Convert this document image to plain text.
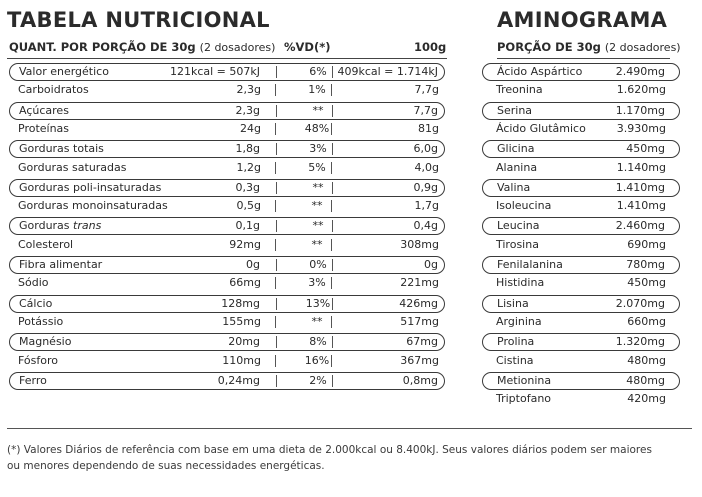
TABELA NUTRICIONAL	AMINOGRAMA
QUANT. POR PORÇÃO DE 30g (2 dosadores) %VD(*)	100g	PORÇÃO DE 30g (2 dosadores)
Valor energético	121kcal = 507kJ	6% 409kcal = 1.714kJ
Carboidratos	2,3g	1%	7,7g
Açúcares	2,3g	**	7,7g
Proteínas	24g	48%	81g
Gorduras totais	1,8g	3%	6,0g
Gorduras saturadas	1,2g	5%	4,0g
Gorduras poli-insaturadas	0,3g	**	0,9g
Gorduras monoinsaturadas	0,5g	**	1,7g
Gorduras trans	0,1g	**	0,4g
Colesterol	92mg	**	308mg
Fibra alimentar	0g	0%	0g
Sódio	66mg	3%	221mg
Cálcio	128mg	13%	426mg
Potássio	155mg	**	517mg
Magnésio	20mg	8%	67mg
Fósforo	110mg	16%	367mg
Ferro	0,24mg	2%	0,8mg
Ácido Aspártico	2.490mg
Treonina	1.620mg
Serina	1.170mg
Ácido Glutâmico	3.930mg
Glicina	450mg
Alanina	1.140mg
Valina	1.410mg
Isoleucina	1.410mg
Leucina	2.460mg
Tirosina	690mg
Fenilalanina	780mg
Histidina	450mg
Lisina	2.070mg
Arginina	660mg
Prolina	1.320mg
Cistina	480mg
Metionina	480mg
Triptofano	420mg
(*) Valores Diários de referência com base em uma dieta de 2.000kcal ou 8.400kJ. Seus valores diários podem ser maiores
ou menores dependendo de suas necessidades energéticas.
